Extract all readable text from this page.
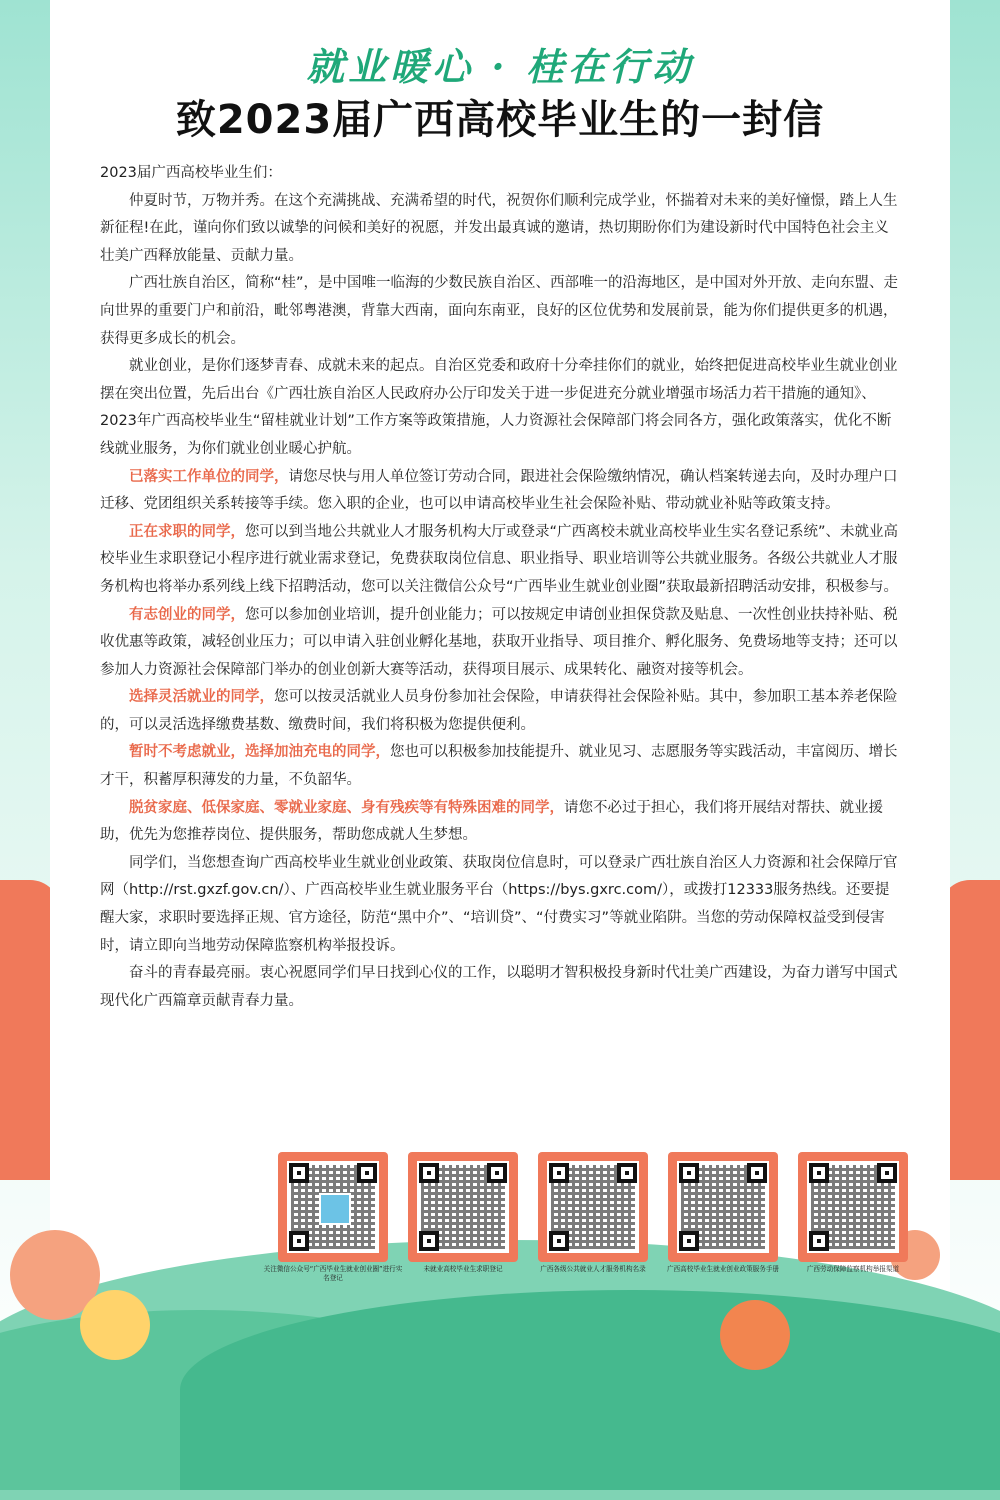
就业暖心 · 桂在行动
致2023届广西高校毕业生的一封信

2023届广西高校毕业生们：

仲夏时节，万物并秀。在这个充满挑战、充满希望的时代，祝贺你们顺利完成学业，怀揣着对未来的美好憧憬，踏上人生新征程!在此，谨向你们致以诚挚的问候和美好的祝愿，并发出最真诚的邀请，热切期盼你们为建设新时代中国特色社会主义壮美广西释放能量、贡献力量。

广西壮族自治区，简称“桂”，是中国唯一临海的少数民族自治区、西部唯一的沿海地区，是中国对外开放、走向东盟、走向世界的重要门户和前沿，毗邻粤港澳，背靠大西南，面向东南亚，良好的区位优势和发展前景，能为你们提供更多的机遇，获得更多成长的机会。

就业创业，是你们逐梦青春、成就未来的起点。自治区党委和政府十分牵挂你们的就业，始终把促进高校毕业生就业创业摆在突出位置，先后出台《广西壮族自治区人民政府办公厅印发关于进一步促进充分就业增强市场活力若干措施的通知》、2023年广西高校毕业生“留桂就业计划”工作方案等政策措施，人力资源社会保障部门将会同各方，强化政策落实，优化不断线就业服务，为你们就业创业暖心护航。

已落实工作单位的同学，请您尽快与用人单位签订劳动合同，跟进社会保险缴纳情况，确认档案转递去向，及时办理户口迁移、党团组织关系转接等手续。您入职的企业，也可以申请高校毕业生社会保险补贴、带动就业补贴等政策支持。

正在求职的同学，您可以到当地公共就业人才服务机构大厅或登录“广西离校未就业高校毕业生实名登记系统”、未就业高校毕业生求职登记小程序进行就业需求登记，免费获取岗位信息、职业指导、职业培训等公共就业服务。各级公共就业人才服务机构也将举办系列线上线下招聘活动，您可以关注微信公众号“广西毕业生就业创业圈”获取最新招聘活动安排，积极参与。

有志创业的同学，您可以参加创业培训，提升创业能力；可以按规定申请创业担保贷款及贴息、一次性创业扶持补贴、税收优惠等政策，减轻创业压力；可以申请入驻创业孵化基地，获取开业指导、项目推介、孵化服务、免费场地等支持；还可以参加人力资源社会保障部门举办的创业创新大赛等活动，获得项目展示、成果转化、融资对接等机会。

选择灵活就业的同学，您可以按灵活就业人员身份参加社会保险，申请获得社会保险补贴。其中，参加职工基本养老保险的，可以灵活选择缴费基数、缴费时间，我们将积极为您提供便利。

暂时不考虑就业，选择加油充电的同学，您也可以积极参加技能提升、就业见习、志愿服务等实践活动，丰富阅历、增长才干，积蓄厚积薄发的力量，不负韶华。

脱贫家庭、低保家庭、零就业家庭、身有残疾等有特殊困难的同学，请您不必过于担心，我们将开展结对帮扶、就业援助，优先为您推荐岗位、提供服务，帮助您成就人生梦想。

同学们，当您想查询广西高校毕业生就业创业政策、获取岗位信息时，可以登录广西壮族自治区人力资源和社会保障厅官网（http://rst.gxzf.gov.cn/）、广西高校毕业生就业服务平台（https://bys.gxrc.com/），或拨打12333服务热线。还要提醒大家，求职时要选择正规、官方途径，防范“黑中介”、“培训贷”、“付费实习”等就业陷阱。当您的劳动保障权益受到侵害时，请立即向当地劳动保障监察机构举报投诉。

奋斗的青春最亮丽。衷心祝愿同学们早日找到心仪的工作，以聪明才智积极投身新时代壮美广西建设，为奋力谱写中国式现代化广西篇章贡献青春力量。

关注微信公众号“广西毕业生就业创业圈”进行实名登记
未就业高校毕业生求职登记	广西各级公共就业人才服务机构名录	广西高校毕业生就业创业政策服务手册	广西劳动保障监察机构举报渠道
